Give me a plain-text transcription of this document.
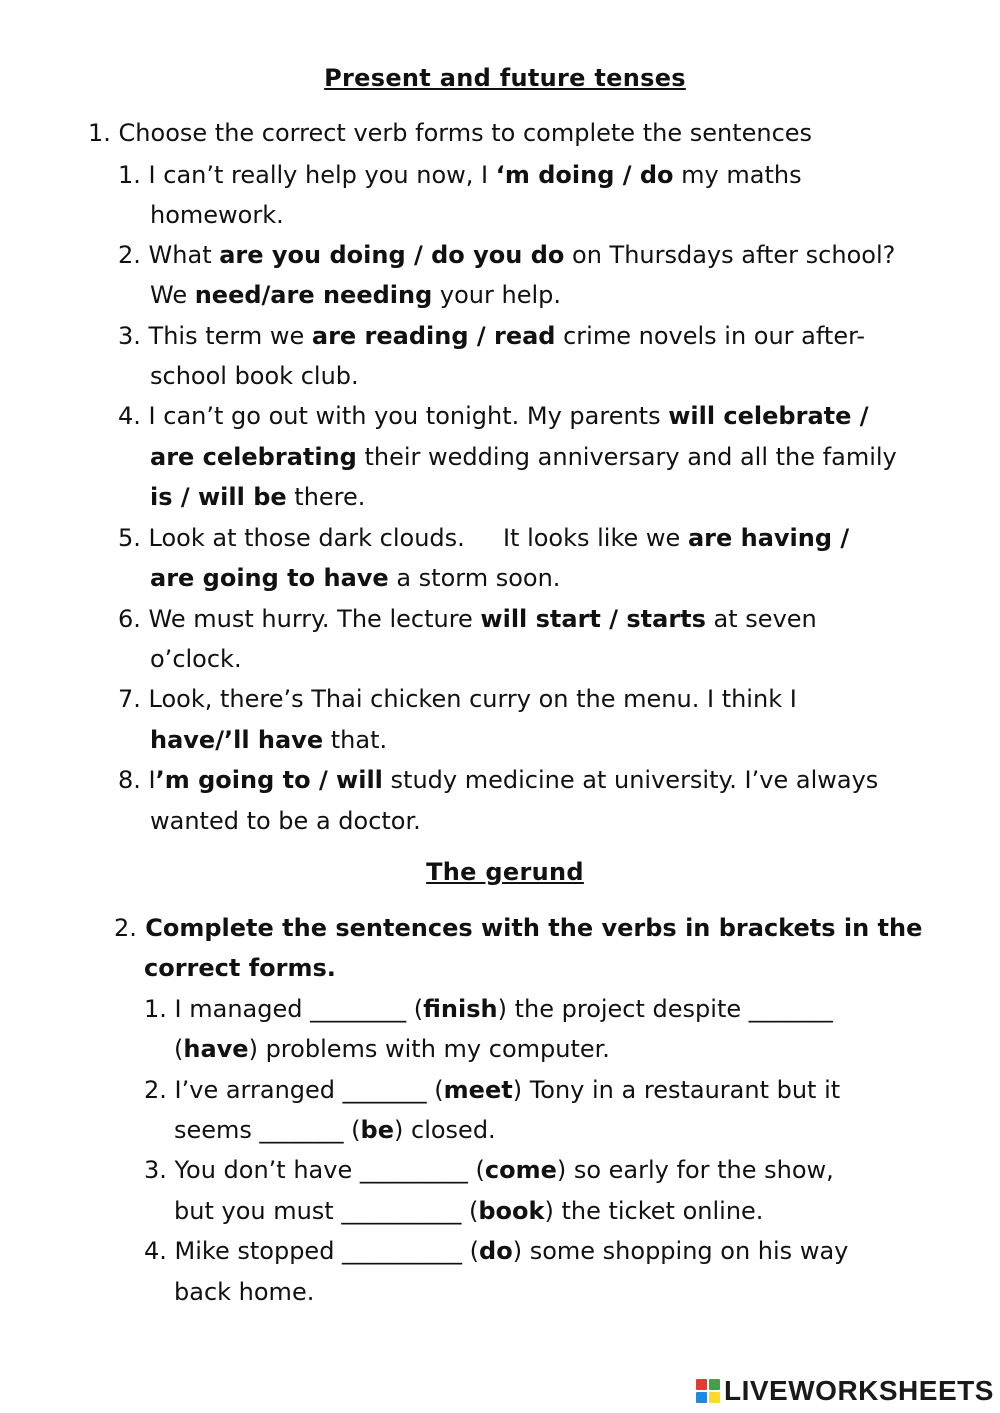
Present and future tenses
1. Choose the correct verb forms to complete the sentences
1. I can’t really help you now, I ‘m doing / do my maths
homework.
2. What are you doing / do you do on Thursdays after school?
We need/are needing your help.
3. This term we are reading / read crime novels in our after-
school book club.
4. I can’t go out with you tonight. My parents will celebrate /
are celebrating their wedding anniversary and all the family
is / will be there.
5. Look at those dark clouds.     It looks like we are having /
are going to have a storm soon.
6. We must hurry. The lecture will start / starts at seven
o’clock.
7. Look, there’s Thai chicken curry on the menu. I think I
have/’ll have that.
8. I’m going to / will study medicine at university. I’ve always
wanted to be a doctor.
The gerund
2. Complete the sentences with the verbs in brackets in the
correct forms.
1. I managed ________ (finish) the project despite _______
(have) problems with my computer.
2. I’ve arranged _______ (meet) Tony in a restaurant but it
seems _______ (be) closed.
3. You don’t have _________ (come) so early for the show,
but you must __________ (book) the ticket online.
4. Mike stopped __________ (do) some shopping on his way
back home.
LIVEWORKSHEETS
